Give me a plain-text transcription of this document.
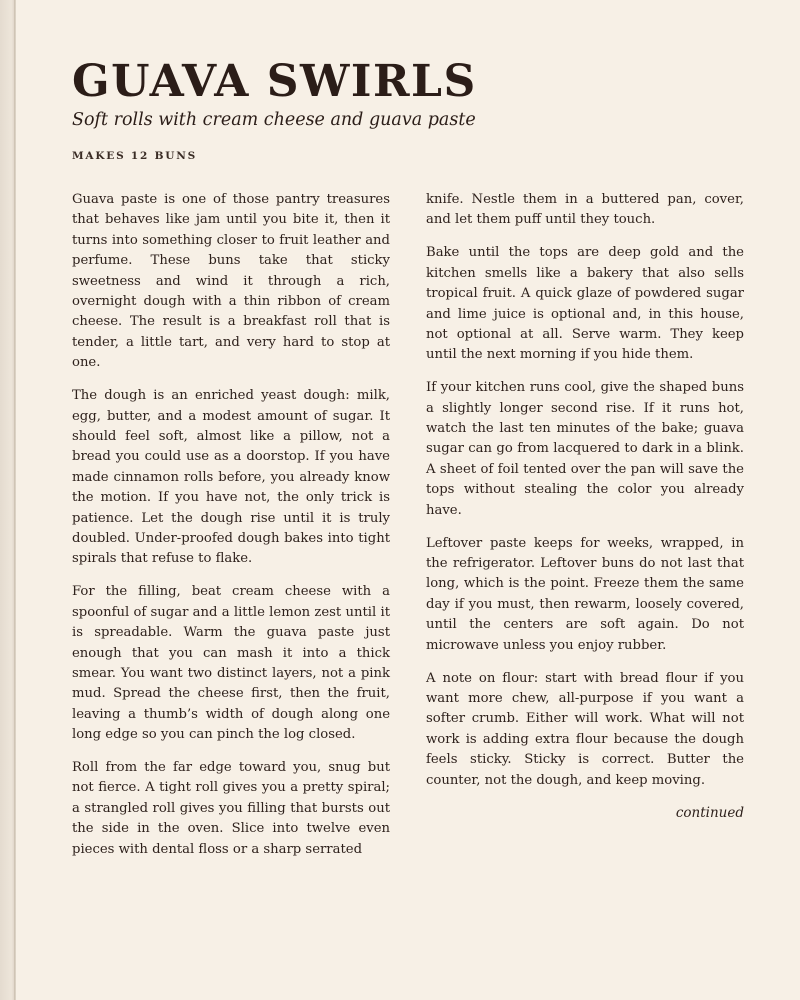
GUAVA SWIRLS

Soft rolls with cream cheese and guava paste

MAKES 12 BUNS

Guava paste is one of those pantry treasures that behaves like jam until you bite it, then it turns into something closer to fruit leather and perfume. These buns take that sticky sweetness and wind it through a rich, overnight dough with a thin ribbon of cream cheese. The result is a breakfast roll that is tender, a little tart, and very hard to stop at one.

The dough is an enriched yeast dough: milk, egg, butter, and a modest amount of sugar. It should feel soft, almost like a pillow, not a bread you could use as a doorstop. If you have made cinnamon rolls before, you already know the motion. If you have not, the only trick is patience. Let the dough rise until it is truly doubled. Under-proofed dough bakes into tight spirals that refuse to flake.

For the filling, beat cream cheese with a spoonful of sugar and a little lemon zest until it is spreadable. Warm the guava paste just enough that you can mash it into a thick smear. You want two distinct layers, not a pink mud. Spread the cheese first, then the fruit, leaving a thumb’s width of dough along one long edge so you can pinch the log closed.

Roll from the far edge toward you, snug but not fierce. A tight roll gives you a pretty spiral; a strangled roll gives you filling that bursts out the side in the oven. Slice into twelve even pieces with dental floss or a sharp serrated

knife. Nestle them in a buttered pan, cover, and let them puff until they touch.

Bake until the tops are deep gold and the kitchen smells like a bakery that also sells tropical fruit. A quick glaze of powdered sugar and lime juice is optional and, in this house, not optional at all. Serve warm. They keep until the next morning if you hide them.

If your kitchen runs cool, give the shaped buns a slightly longer second rise. If it runs hot, watch the last ten minutes of the bake; guava sugar can go from lacquered to dark in a blink. A sheet of foil tented over the pan will save the tops without stealing the color you already have.

Leftover paste keeps for weeks, wrapped, in the refrigerator. Leftover buns do not last that long, which is the point. Freeze them the same day if you must, then rewarm, loosely covered, until the centers are soft again. Do not microwave unless you enjoy rubber.

A note on flour: start with bread flour if you want more chew, all-purpose if you want a softer crumb. Either will work. What will not work is adding extra flour because the dough feels sticky. Sticky is correct. Butter the counter, not the dough, and keep moving.

continued
